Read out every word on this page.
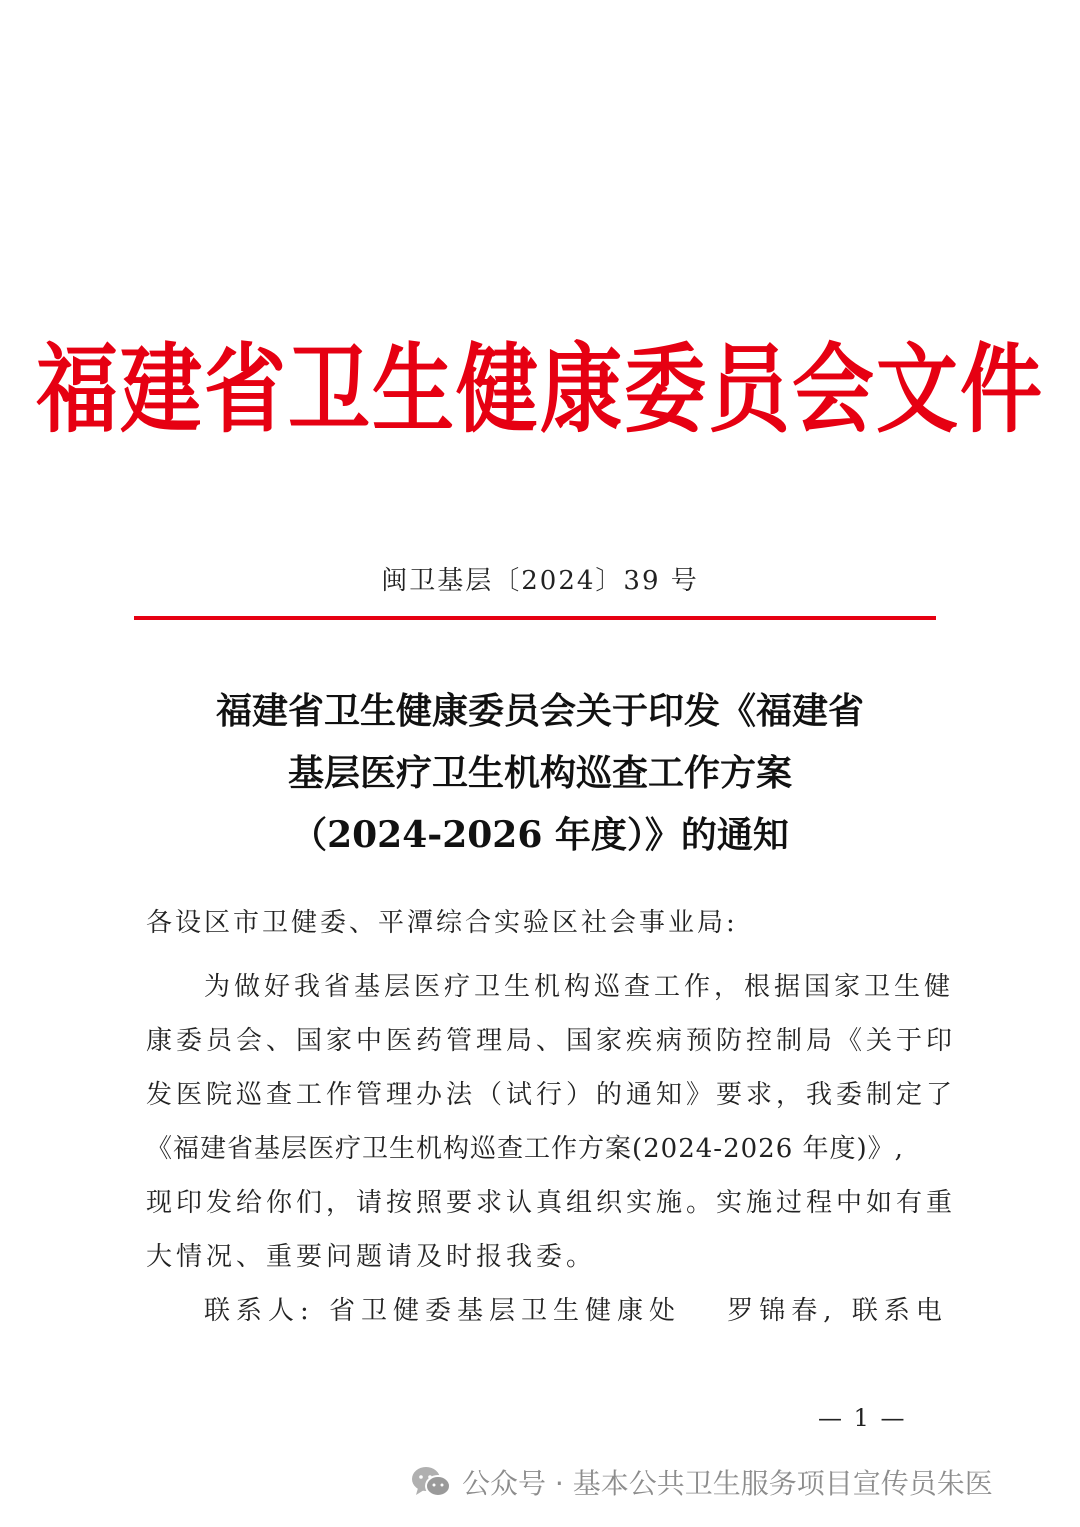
福建省卫生健康委员会文件
闽卫基层〔2024〕39 号
福建省卫生健康委员会关于印发《福建省
基层医疗卫生机构巡查工作方案
（2024-2026 年度）》的通知
各设区市卫健委、平潭综合实验区社会事业局:
为做好我省基层医疗卫生机构巡查工作，根据国家卫生健
康委员会、国家中医药管理局、国家疾病预防控制局《关于印
发医院巡查工作管理办法（试行）的通知》要求，我委制定了
《福建省基层医疗卫生机构巡查工作方案(2024-2026 年度)》,
现印发给你们，请按照要求认真组织实施。实施过程中如有重
大情况、重要问题请及时报我委。
联系人: 省卫健委基层卫生健康处　 罗锦春, 联系电
— 1 —
公众号 · 基本公共卫生服务项目宣传员朱医
